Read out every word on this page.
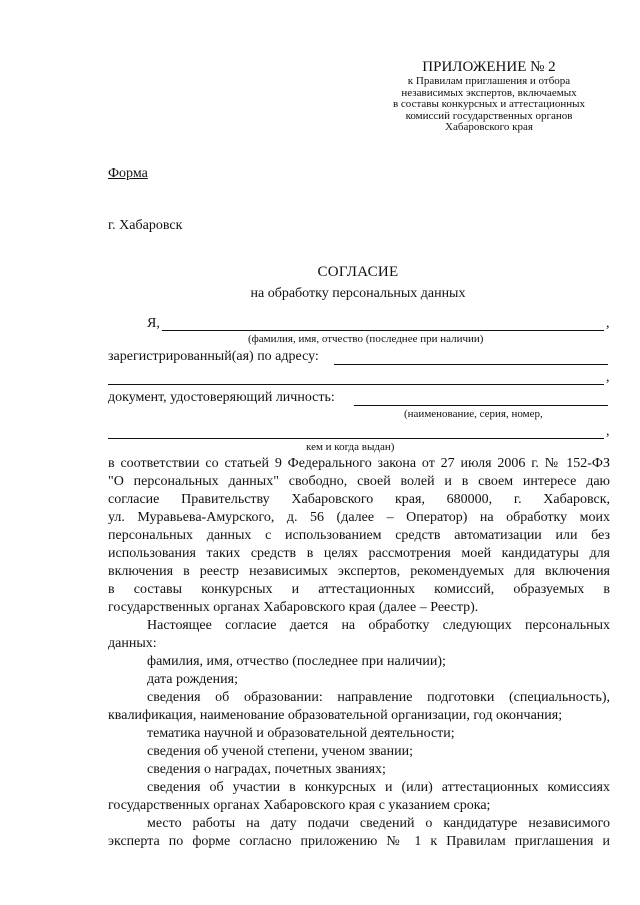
ПРИЛОЖЕНИЕ № 2
к Правилам приглашения и отбора
независимых экспертов, включаемых
в составы конкурсных и аттестационных
комиссий государственных органов
Хабаровского края
Форма
г. Хабаровск
СОГЛАСИЕ
на обработку персональных данных
Я,	,
(фамилия, имя, отчество (последнее при наличии)
зарегистрированный(ая) по адресу:
,
документ, удостоверяющий личность:
(наименование, серия, номер,
,
кем и когда выдан)
в соответствии со статьей 9 Федерального закона от 27 июля 2006 г. № 152-ФЗ
"О персональных данных" свободно, своей волей и в своем интересе даю
согласие Правительству Хабаровского края, 680000, г. Хабаровск,
ул. Муравьева-Амурского, д. 56 (далее – Оператор) на обработку моих
персональных данных с использованием средств автоматизации или без
использования таких средств в целях рассмотрения моей кандидатуры для
включения в реестр независимых экспертов, рекомендуемых для включения
в составы конкурсных и аттестационных комиссий, образуемых в
государственных органах Хабаровского края (далее – Реестр).
Настоящее согласие дается на обработку следующих персональных
данных:
фамилия, имя, отчество (последнее при наличии);
дата рождения;
сведения об образовании: направление подготовки (специальность),
квалификация, наименование образовательной организации, год окончания;
тематика научной и образовательной деятельности;
сведения об ученой степени, ученом звании;
сведения о наградах, почетных званиях;
сведения об участии в конкурсных и (или) аттестационных комиссиях
государственных органах Хабаровского края с указанием срока;
место работы на дату подачи сведений о кандидатуре независимого
эксперта по форме согласно приложению № 1 к Правилам приглашения и
